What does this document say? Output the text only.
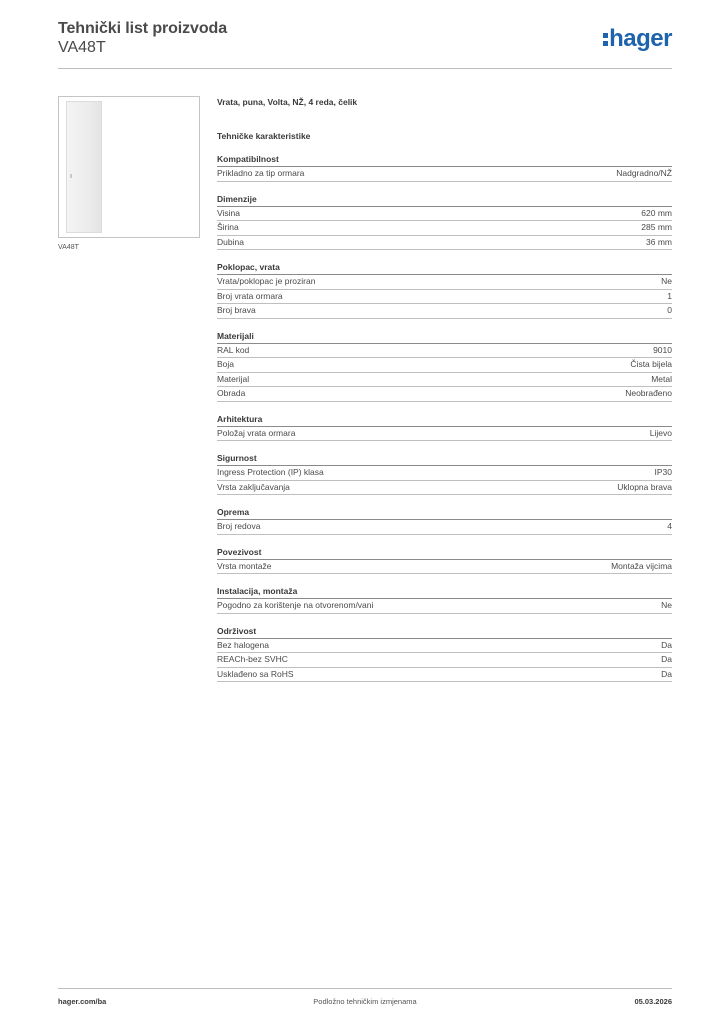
Tehnički list proizvoda
VA48T	hager
VA48T
Vrata, puna, Volta, NŽ, 4 reda, čelik
Tehničke karakteristike
Kompatibilnost
Prikladno za tip ormara	Nadgradno/NŽ
Dimenzije
Visina	620 mm
Širina	285 mm
Dubina	36 mm
Poklopac, vrata
Vrata/poklopac je proziran	Ne
Broj vrata ormara	1
Broj brava	0
Materijali
RAL kod	9010
Boja	Čista bijela
Materijal	Metal
Obrada	Neobrađeno
Arhitektura
Položaj vrata ormara	Lijevo
Sigurnost
Ingress Protection (IP) klasa	IP30
Vrsta zaključavanja	Uklopna brava
Oprema
Broj redova	4
Povezivost
Vrsta montaže	Montaža vijcima
Instalacija, montaža
Pogodno za korištenje na otvorenom/vani	Ne
Održivost
Bez halogena	Da
REACh-bez SVHC	Da
Usklađeno sa RoHS	Da
hager.com/ba	Podložno tehničkim izmjenama	05.03.2026
